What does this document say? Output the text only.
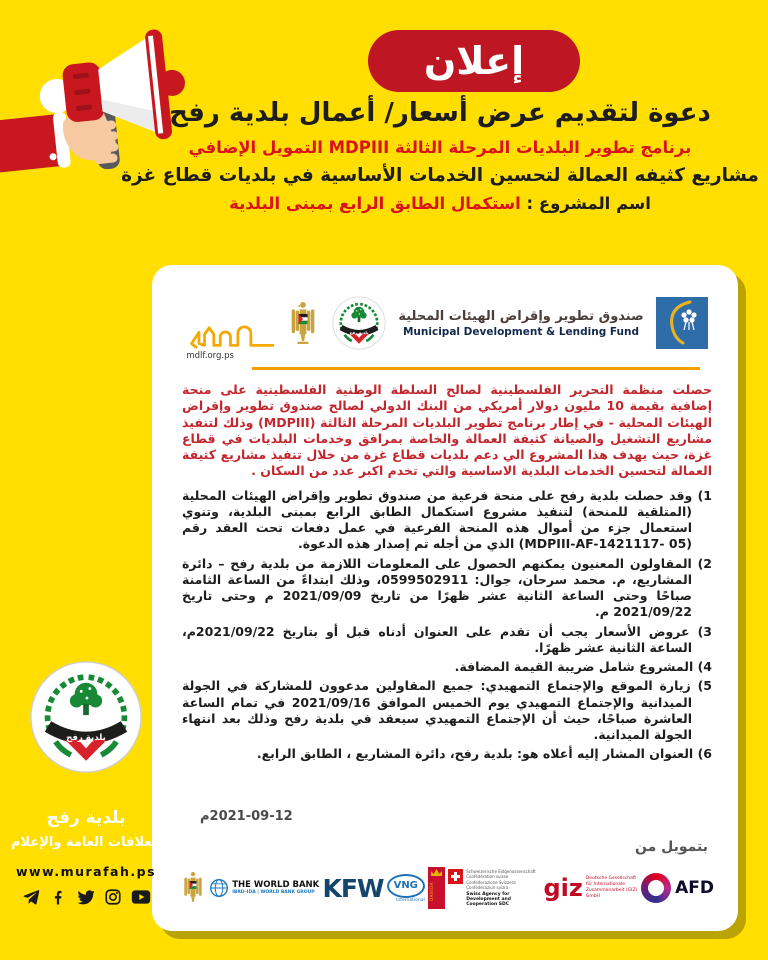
إعلان

دعوة لتقديم عرض أسعار/ أعمال بلدية رفح

برنامج تطوير البلديات المرحلة الثالثة MDPIII التمويل الإضافي

مشاريع كثيفه العمالة لتحسين الخدمات الأساسية في بلديات قطاع غزة

اسم المشروع : استكمال الطابق الرابع بمبنى البلدية

mdlf.org.ps
بلدية رفح
صندوق تطوير وإقراض الهيئات المحلية
Municipal Development & Lending Fund

حصلت منظمة التحرير الفلسطينية لصالح السلطة الوطنية الفلسطينية على منحة إضافية بقيمة 10 مليون دولار أمريكي من البنك الدولي لصالح صندوق تطوير وإقراض الهيئات المحلية - في إطار برنامج تطوير البلديات المرحلة الثالثة (MDPIII) وذلك لتنفيذ مشاريع التشغيل والصيانة كثيفة العمالة والخاصة بمرافق وخدمات البلديات في قطاع غزة، حيث يهدف هذا المشروع الي دعم بلديات قطاع غزة من خلال تنفيذ مشاريع كثيفة العمالة لتحسين الخدمات البلدية الاساسية والتي تخدم اكبر عدد من السكان .

1) وقد حصلت بلدية رفح على منحة فرعية من صندوق تطوير وإقراض الهيئات المحلية (المتلقية للمنحة) لتنفيذ مشروع استكمال الطابق الرابع بمبنى البلدية، وتنوي استعمال جزء من أموال هذه المنحة الفرعية في عمل دفعات تحت العقد رقم (MDPIII-AF-1421117- 05) الذي من أجله تم إصدار هذه الدعوة.
2) المقاولون المعنيون يمكنهم الحصول على المعلومات اللازمة من بلدية رفح – دائرة المشاريع، م. محمد سرحان، جوال: 0599502911، وذلك ابتداءً من الساعة الثامنة صباحًا وحتى الساعة الثانية عشر ظهرًا من تاريخ 2021/09/09 م وحتى تاريخ 2021/09/22 م.
3) عروض الأسعار يجب أن تقدم على العنوان أدناه قبل أو بتاريخ 2021/09/22م، الساعة الثانية عشر ظهرًا.
4) المشروع شامل ضريبة القيمة المضافة.
5) زيارة الموقع والإجتماع التمهيدي: جميع المقاولين مدعوون للمشاركة في الجولة الميدانية والإجتماع التمهيدي يوم الخميس الموافق 2021/09/16 في تمام الساعة العاشرة صباحًا، حيث أن الإجتماع التمهيدي سيعقد في بلدية رفح وذلك بعد انتهاء الجولة الميدانية.
6) العنوان المشار إليه أعلاه هو: بلدية رفح، دائرة المشاريع ، الطابق الرابع.
2021-09-12م
بتمويل من
THE WORLD BANK
IBRD–IDA | WORLD BANK GROUP KFW	VNG
International DANIDA
Schweizerische Eidgenossenschaft
Confédération suisse
Confederazione Svizzera
Confederaziun svizra
Swiss Agency for Development and Cooperation SDC
giz Deutsche Gesellschaft für Internationale Zusammenarbeit (GIZ) GmbH	AFD
بلدية رفح
بلدية رفح
العلاقات العامة والإعلام
www.murafah.ps
